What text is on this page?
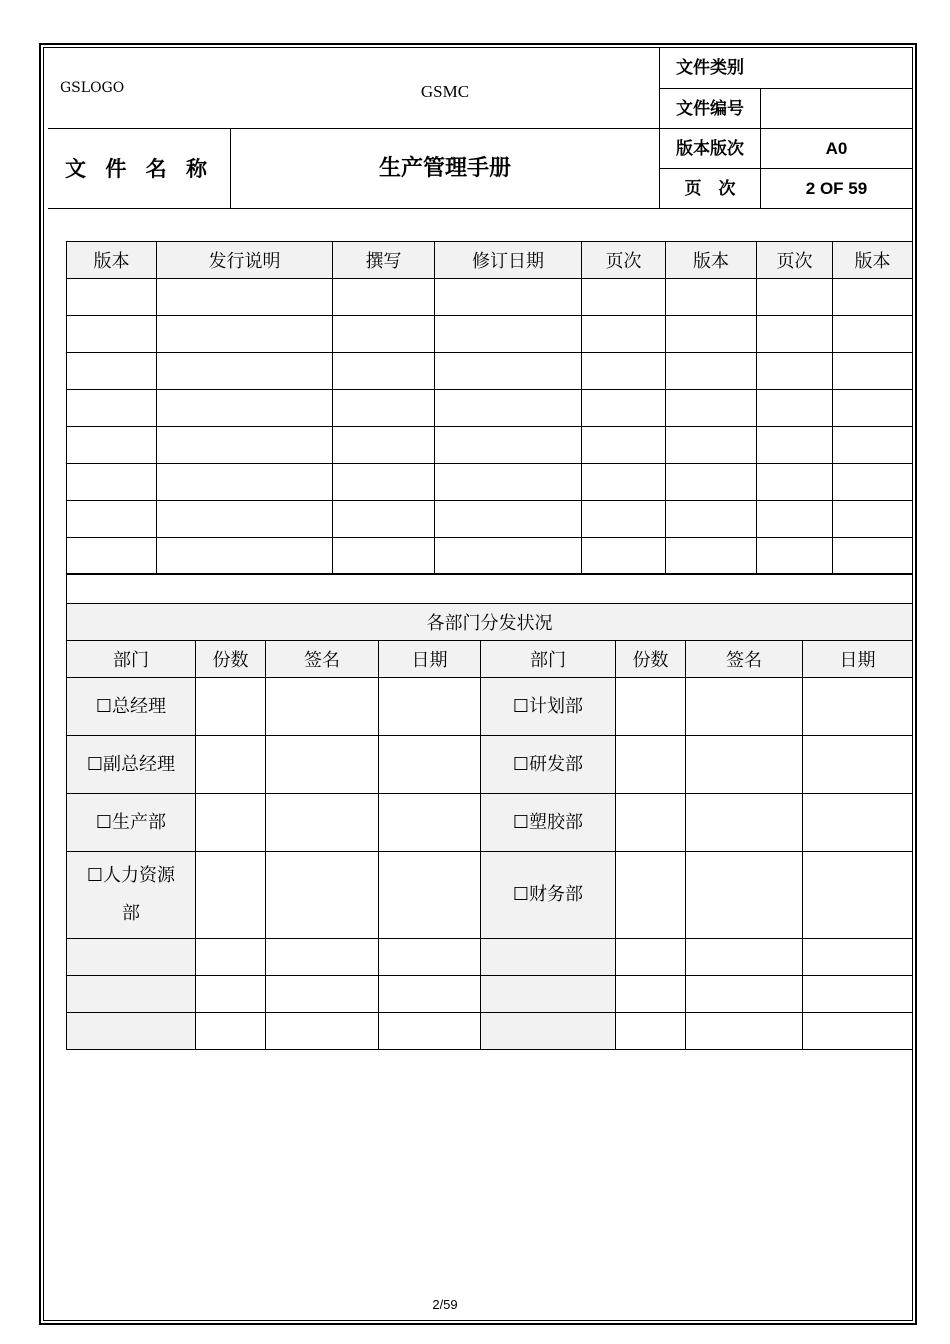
GSLOGO	GSMC
文件类别
文件编号
版本版次	A0
页　次	2 OF 59
文 件 名 称	生产管理手册
版本	发行说明	撰写	修订日期	页次	版本	页次	版本

各部门分发状况							
部门	份数	签名	日期	部门	份数	签名	日期
☐总经理				☐计划部			
☐副总经理				☐研发部			
☐生产部				☐塑胶部			
☐人力资源部				☐财务部			

2/59
